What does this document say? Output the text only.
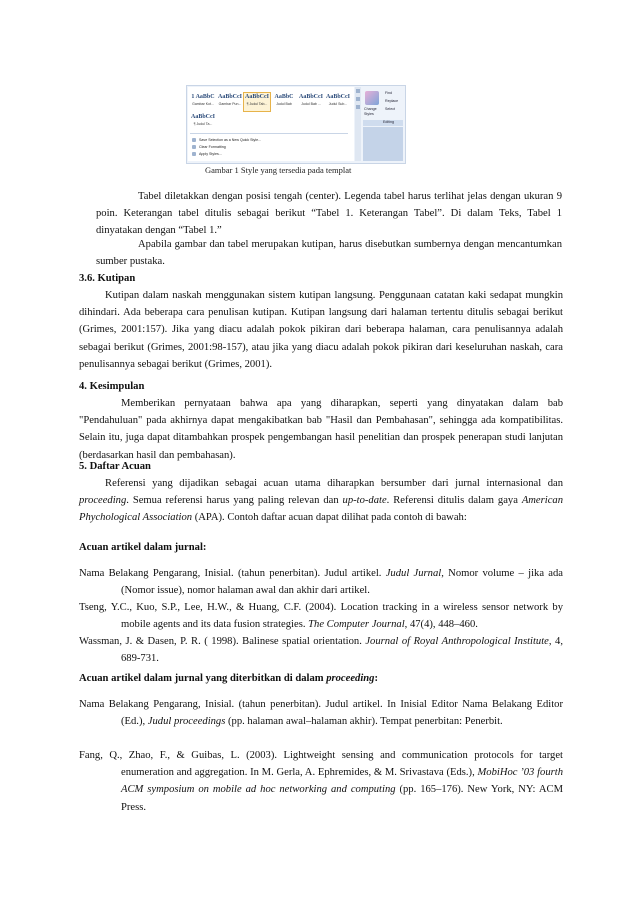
1 AaBbC
Gambar Kot...
AaBbCcI
Gambar Pun...
AaBbCcI
¶ Judul Tab...
AaBbC
Judul Bab
AaBbCcI
Judul Bab ...
AaBbCcI
Judul Sub...
AaBbCcI
¶ Judul Ta...
Save Selection as a New Quick Style...
Clear Formatting
Apply Styles...
Change Styles
Find
Replace
Select
Editing
Gambar 1 Style yang tersedia pada templat
Tabel diletakkan dengan posisi tengah (center). Legenda tabel harus terlihat jelas dengan ukuran 9 poin. Keterangan tabel ditulis sebagai berikut “Tabel 1. Keterangan Tabel”. Di dalam Teks, Tabel 1 dinyatakan dengan “Tabel 1.”
Apabila gambar dan tabel merupakan kutipan, harus disebutkan sumbernya dengan mencantumkan sumber pustaka.
3.6. Kutipan
Kutipan dalam naskah menggunakan sistem kutipan langsung. Penggunaan catatan kaki sedapat mungkin dihindari. Ada beberapa cara penulisan kutipan. Kutipan langsung dari halaman tertentu ditulis sebagai berikut (Grimes, 2001:157). Jika yang diacu adalah pokok pikiran dari beberapa halaman, cara penulisannya adalah sebagai berikut (Grimes, 2001:98-157), atau jika yang diacu adalah pokok pikiran dari keseluruhan naskah, cara penulisannya sebagai berikut (Grimes, 2001).
4. Kesimpulan
Memberikan pernyataan bahwa apa yang diharapkan, seperti yang dinyatakan dalam bab "Pendahuluan" pada akhirnya dapat mengakibatkan bab "Hasil dan Pembahasan", sehingga ada kompatibilitas. Selain itu, juga dapat ditambahkan prospek pengembangan hasil penelitian dan prospek penerapan studi lanjutan (berdasarkan hasil dan pembahasan).
5. Daftar Acuan
Referensi yang dijadikan sebagai acuan utama diharapkan bersumber dari jurnal internasional dan proceeding. Semua referensi harus yang paling relevan dan up-to-date. Referensi ditulis dalam gaya American Phychological Association (APA). Contoh daftar acuan dapat dilihat pada contoh di bawah:
Acuan artikel dalam jurnal:
Nama Belakang Pengarang, Inisial. (tahun penerbitan). Judul artikel. Judul Jurnal, Nomor volume – jika ada (Nomor issue), nomor halaman awal dan akhir dari artikel.
Tseng, Y.C., Kuo, S.P., Lee, H.W., & Huang, C.F. (2004). Location tracking in a wireless sensor network by mobile agents and its data fusion strategies. The Computer Journal, 47(4), 448–460.
Wassman, J. & Dasen, P. R. ( 1998). Balinese spatial orientation. Journal of Royal Anthropological Institute, 4, 689-731.
Acuan artikel dalam jurnal yang diterbitkan di dalam proceeding:
Nama Belakang Pengarang, Inisial. (tahun penerbitan). Judul artikel. In Inisial Editor Nama Belakang Editor (Ed.), Judul proceedings (pp. halaman awal–halaman akhir). Tempat penerbitan: Penerbit.
Fang, Q., Zhao, F., & Guibas, L. (2003). Lightweight sensing and communication protocols for target enumeration and aggregation. In M. Gerla, A. Ephremides, & M. Srivastava (Eds.), MobiHoc ’03 fourth ACM symposium on mobile ad hoc networking and computing (pp. 165–176). New York, NY: ACM Press.
